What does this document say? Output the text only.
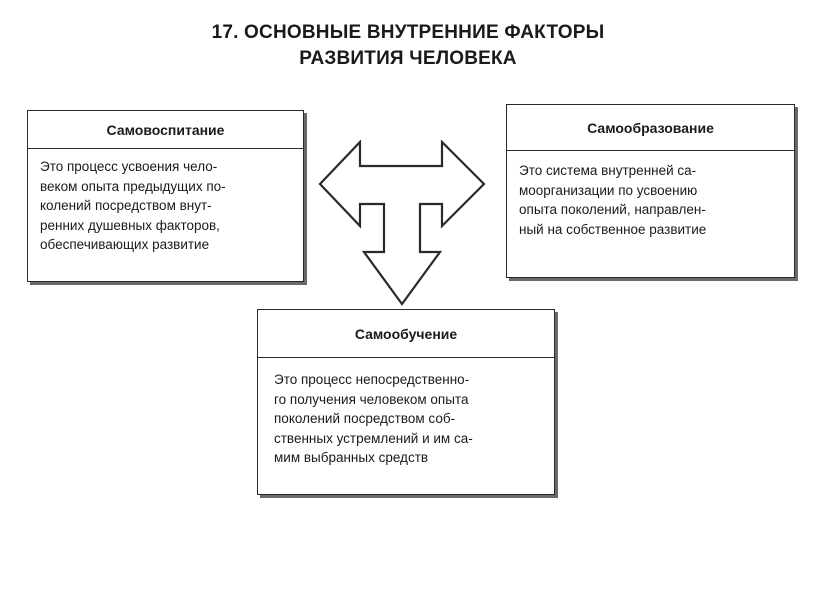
17. ОСНОВНЫЕ ВНУТРЕННИЕ ФАКТОРЫ
РАЗВИТИЯ ЧЕЛОВЕКА
Самовоспитание
Это процесс усвоения чело-
веком опыта предыдущих по-
колений посредством внут-
ренних душевных факторов,
обеспечивающих развитие
Самообразование
Это система внутренней са-
моорганизации по усвоению
опыта поколений, направлен-
ный на собственное развитие
Самообучение
Это процесс непосредственно-
го получения человеком опыта
поколений посредством соб-
ственных устремлений и им са-
мим выбранных средств
